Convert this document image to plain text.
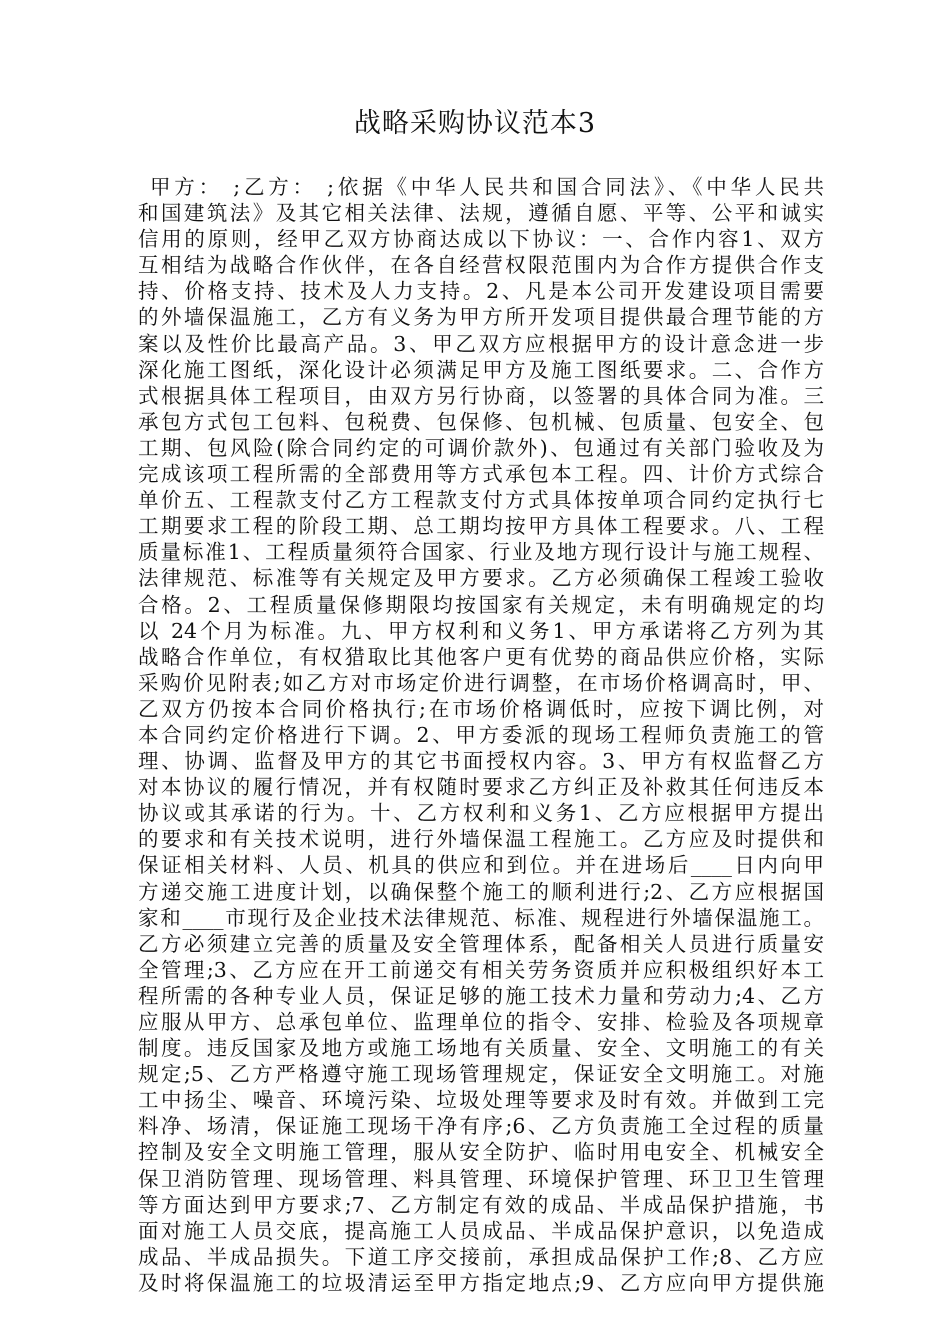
战略采购协议范本3
甲方： ;乙方： ;依据《中华人民共和国合同法》、《中华人民共
和国建筑法》及其它相关法律、法规，遵循自愿、平等、公平和诚实
信用的原则，经甲乙双方协商达成以下协议：一、合作内容1、双方
互相结为战略合作伙伴，在各自经营权限范围内为合作方提供合作支
持、价格支持、技术及人力支持。2、凡是本公司开发建设项目需要
的外墙保温施工，乙方有义务为甲方所开发项目提供最合理节能的方
案以及性价比最高产品。3、甲乙双方应根据甲方的设计意念进一步
深化施工图纸，深化设计必须满足甲方及施工图纸要求。二、合作方
式根据具体工程项目，由双方另行协商，以签署的具体合同为准。三
承包方式包工包料、包税费、包保修、包机械、包质量、包安全、包
工期、包风险(除合同约定的可调价款外)、包通过有关部门验收及为
完成该项工程所需的全部费用等方式承包本工程。四、计价方式综合
单价五、工程款支付乙方工程款支付方式具体按单项合同约定执行七
工期要求工程的阶段工期、总工期均按甲方具体工程要求。八、工程
质量标准1、工程质量须符合国家、行业及地方现行设计与施工规程、
法律规范、标准等有关规定及甲方要求。乙方必须确保工程竣工验收
合格。2、工程质量保修期限均按国家有关规定，未有明确规定的均
以 24个月为标准。九、甲方权利和义务1、甲方承诺将乙方列为其
战略合作单位，有权猎取比其他客户更有优势的商品供应价格，实际
采购价见附表;如乙方对市场定价进行调整，在市场价格调高时，甲、
乙双方仍按本合同价格执行;在市场价格调低时，应按下调比例，对
本合同约定价格进行下调。2、甲方委派的现场工程师负责施工的管
理、协调、监督及甲方的其它书面授权内容。3、甲方有权监督乙方
对本协议的履行情况，并有权随时要求乙方纠正及补救其任何违反本
协议或其承诺的行为。十、乙方权利和义务1、乙方应根据甲方提出
的要求和有关技术说明，进行外墙保温工程施工。乙方应及时提供和
保证相关材料、人员、机具的供应和到位。并在进场后____日内向甲
方递交施工进度计划，以确保整个施工的顺利进行;2、乙方应根据国
家和____市现行及企业技术法律规范、标准、规程进行外墙保温施工。
乙方必须建立完善的质量及安全管理体系，配备相关人员进行质量安
全管理;3、乙方应在开工前递交有相关劳务资质并应积极组织好本工
程所需的各种专业人员，保证足够的施工技术力量和劳动力;4、乙方
应服从甲方、总承包单位、监理单位的指令、安排、检验及各项规章
制度。违反国家及地方或施工场地有关质量、安全、文明施工的有关
规定;5、乙方严格遵守施工现场管理规定，保证安全文明施工。对施
工中扬尘、噪音、环境污染、垃圾处理等要求及时有效。并做到工完
料净、场清，保证施工现场干净有序;6、乙方负责施工全过程的质量
控制及安全文明施工管理，服从安全防护、临时用电安全、机械安全
保卫消防管理、现场管理、料具管理、环境保护管理、环卫卫生管理
等方面达到甲方要求;7、乙方制定有效的成品、半成品保护措施，书
面对施工人员交底，提高施工人员成品、半成品保护意识，以免造成
成品、半成品损失。下道工序交接前，承担成品保护工作;8、乙方应
及时将保温施工的垃圾清运至甲方指定地点;9、乙方应向甲方提供施
